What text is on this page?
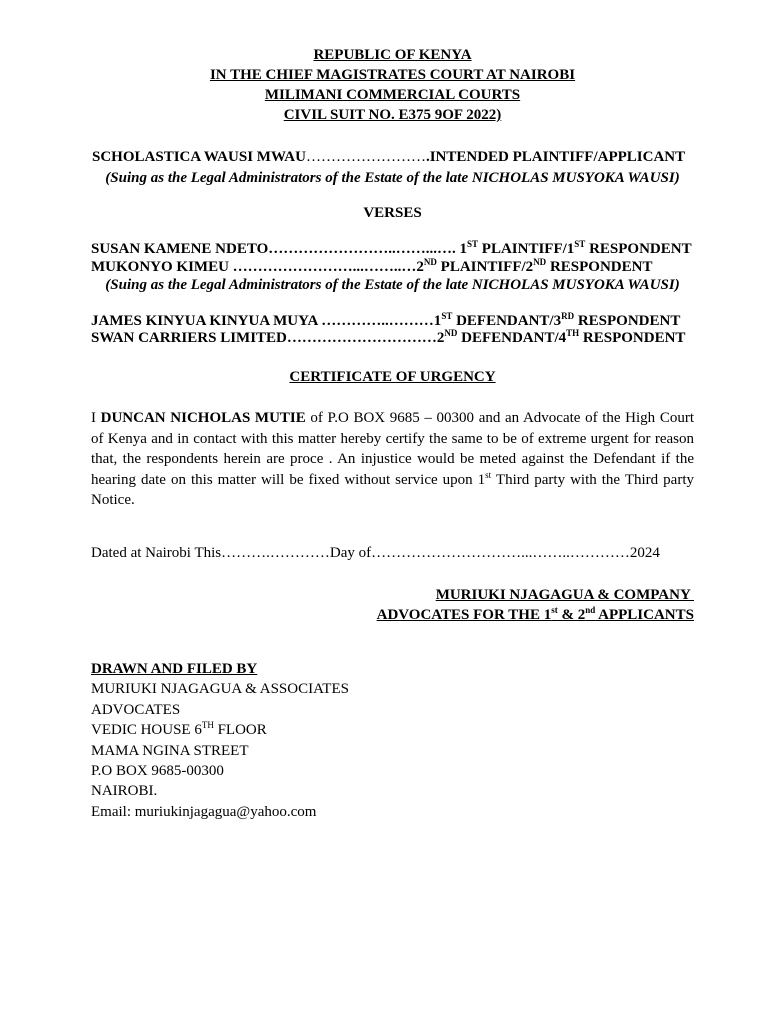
REPUBLIC OF KENYA
IN THE CHIEF MAGISTRATES COURT AT NAIROBI
MILIMANI COMMERCIAL COURTS
CIVIL SUIT NO. E375 9OF 2022)
SCHOLASTICA WAUSI MWAU…………………….INTENDED PLAINTIFF/APPLICANT
(Suing as the Legal Administrators of the Estate of the late NICHOLAS MUSYOKA WAUSI)
VERSES
SUSAN KAMENE NDETO……………………..……...…. 1ST PLAINTIFF/1ST RESPONDENT
MUKONYO KIMEU ……………………...……..…2ND PLAINTIFF/2ND RESPONDENT
(Suing as the Legal Administrators of the Estate of the late NICHOLAS MUSYOKA WAUSI)
JAMES KINYUA KINYUA MUYA …………..………1ST DEFENDANT/3RD RESPONDENT
SWAN CARRIERS LIMITED…………………………2ND DEFENDANT/4TH RESPONDENT
CERTIFICATE OF URGENCY
I DUNCAN NICHOLAS MUTIE of P.O BOX 9685 – 00300 and an Advocate of the High Court of Kenya and in contact with this matter hereby certify the same to be of extreme urgent for reason that, the respondents herein are proce . An injustice would be meted against the Defendant if the hearing date on this matter will be fixed without service upon 1st Third party with the Third party Notice.
Dated at Nairobi This……….…………Day of…………………………...……..…………2024
MURIUKI NJAGAGUA & COMPANY
ADVOCATES FOR THE 1st & 2nd APPLICANTS
DRAWN AND FILED BY
MURIUKI NJAGAGUA & ASSOCIATES
ADVOCATES
VEDIC HOUSE 6TH FLOOR
MAMA NGINA STREET
P.O BOX 9685-00300
NAIROBI.
Email: muriukinjagagua@yahoo.com
